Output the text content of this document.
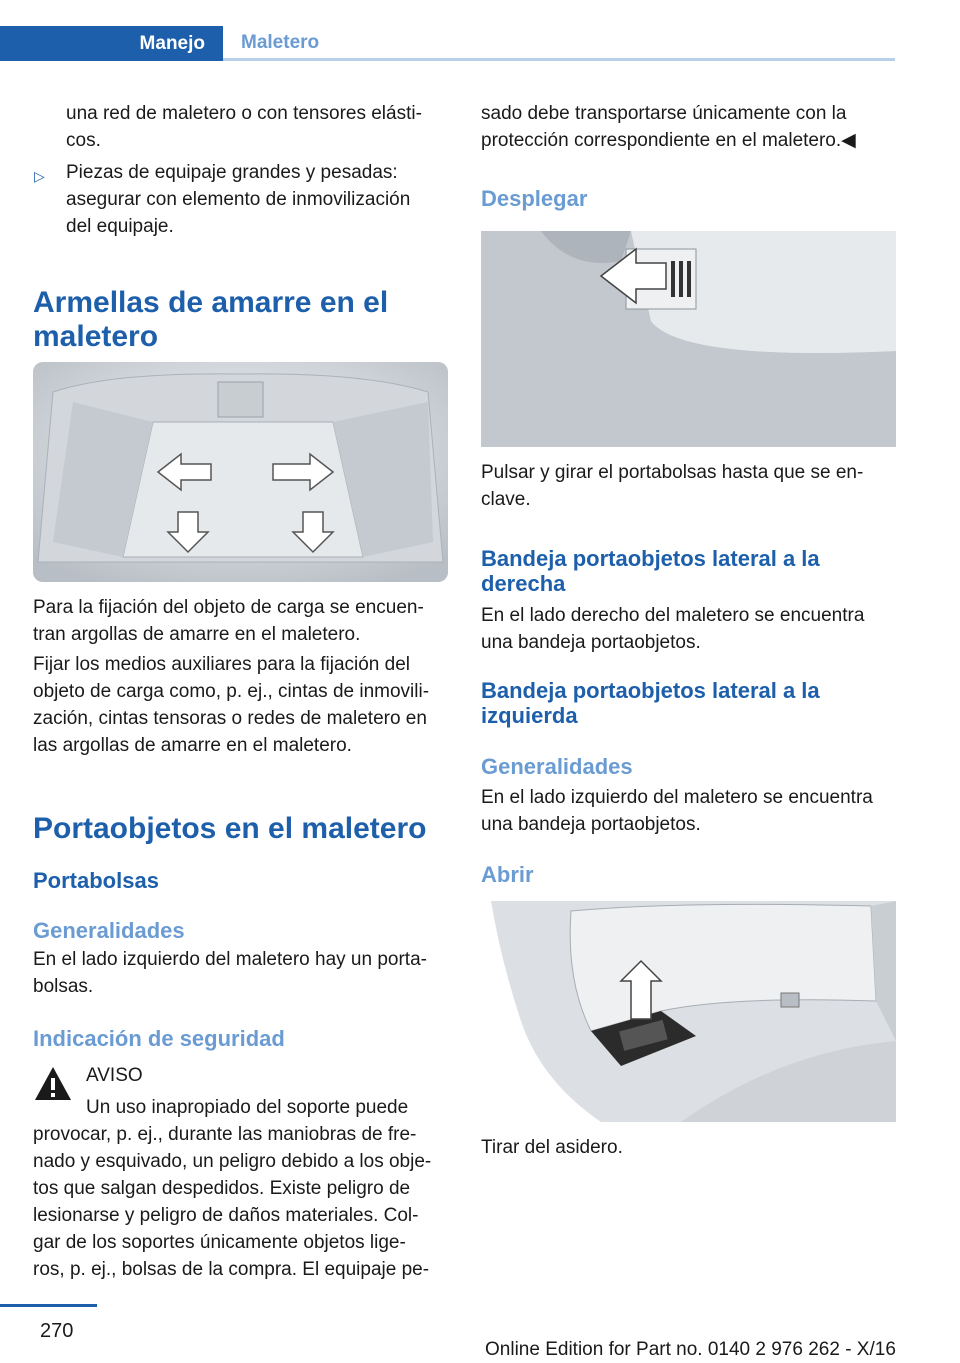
Manejo	Maletero
una red de maletero o con tensores elásti-
cos.
▷ Piezas de equipaje grandes y pesadas:
asegurar con elemento de inmovilización
del equipaje.
Armellas de amarre en el
maletero
Para la fijación del objeto de carga se encuen-
tran argollas de amarre en el maletero.
Fijar los medios auxiliares para la fijación del
objeto de carga como, p. ej., cintas de inmovili-
zación, cintas tensoras o redes de maletero en
las argollas de amarre en el maletero.
Portaobjetos en el maletero
Portabolsas
Generalidades
En el lado izquierdo del maletero hay un porta-
bolsas.
Indicación de seguridad
AVISO
Un uso inapropiado del soporte puede
provocar, p. ej., durante las maniobras de fre-
nado y esquivado, un peligro debido a los obje-
tos que salgan despedidos. Existe peligro de
lesionarse y peligro de daños materiales. Col-
gar de los soportes únicamente objetos lige-
ros, p. ej., bolsas de la compra. El equipaje pe-
sado debe transportarse únicamente con la
protección correspondiente en el maletero.◀
Desplegar
Pulsar y girar el portabolsas hasta que se en-
clave.
Bandeja portaobjetos lateral a la
derecha
En el lado derecho del maletero se encuentra
una bandeja portaobjetos.
Bandeja portaobjetos lateral a la
izquierda
Generalidades
En el lado izquierdo del maletero se encuentra
una bandeja portaobjetos.
Abrir
Tirar del asidero.
270
Online Edition for Part no. 0140 2 976 262 - X/16
